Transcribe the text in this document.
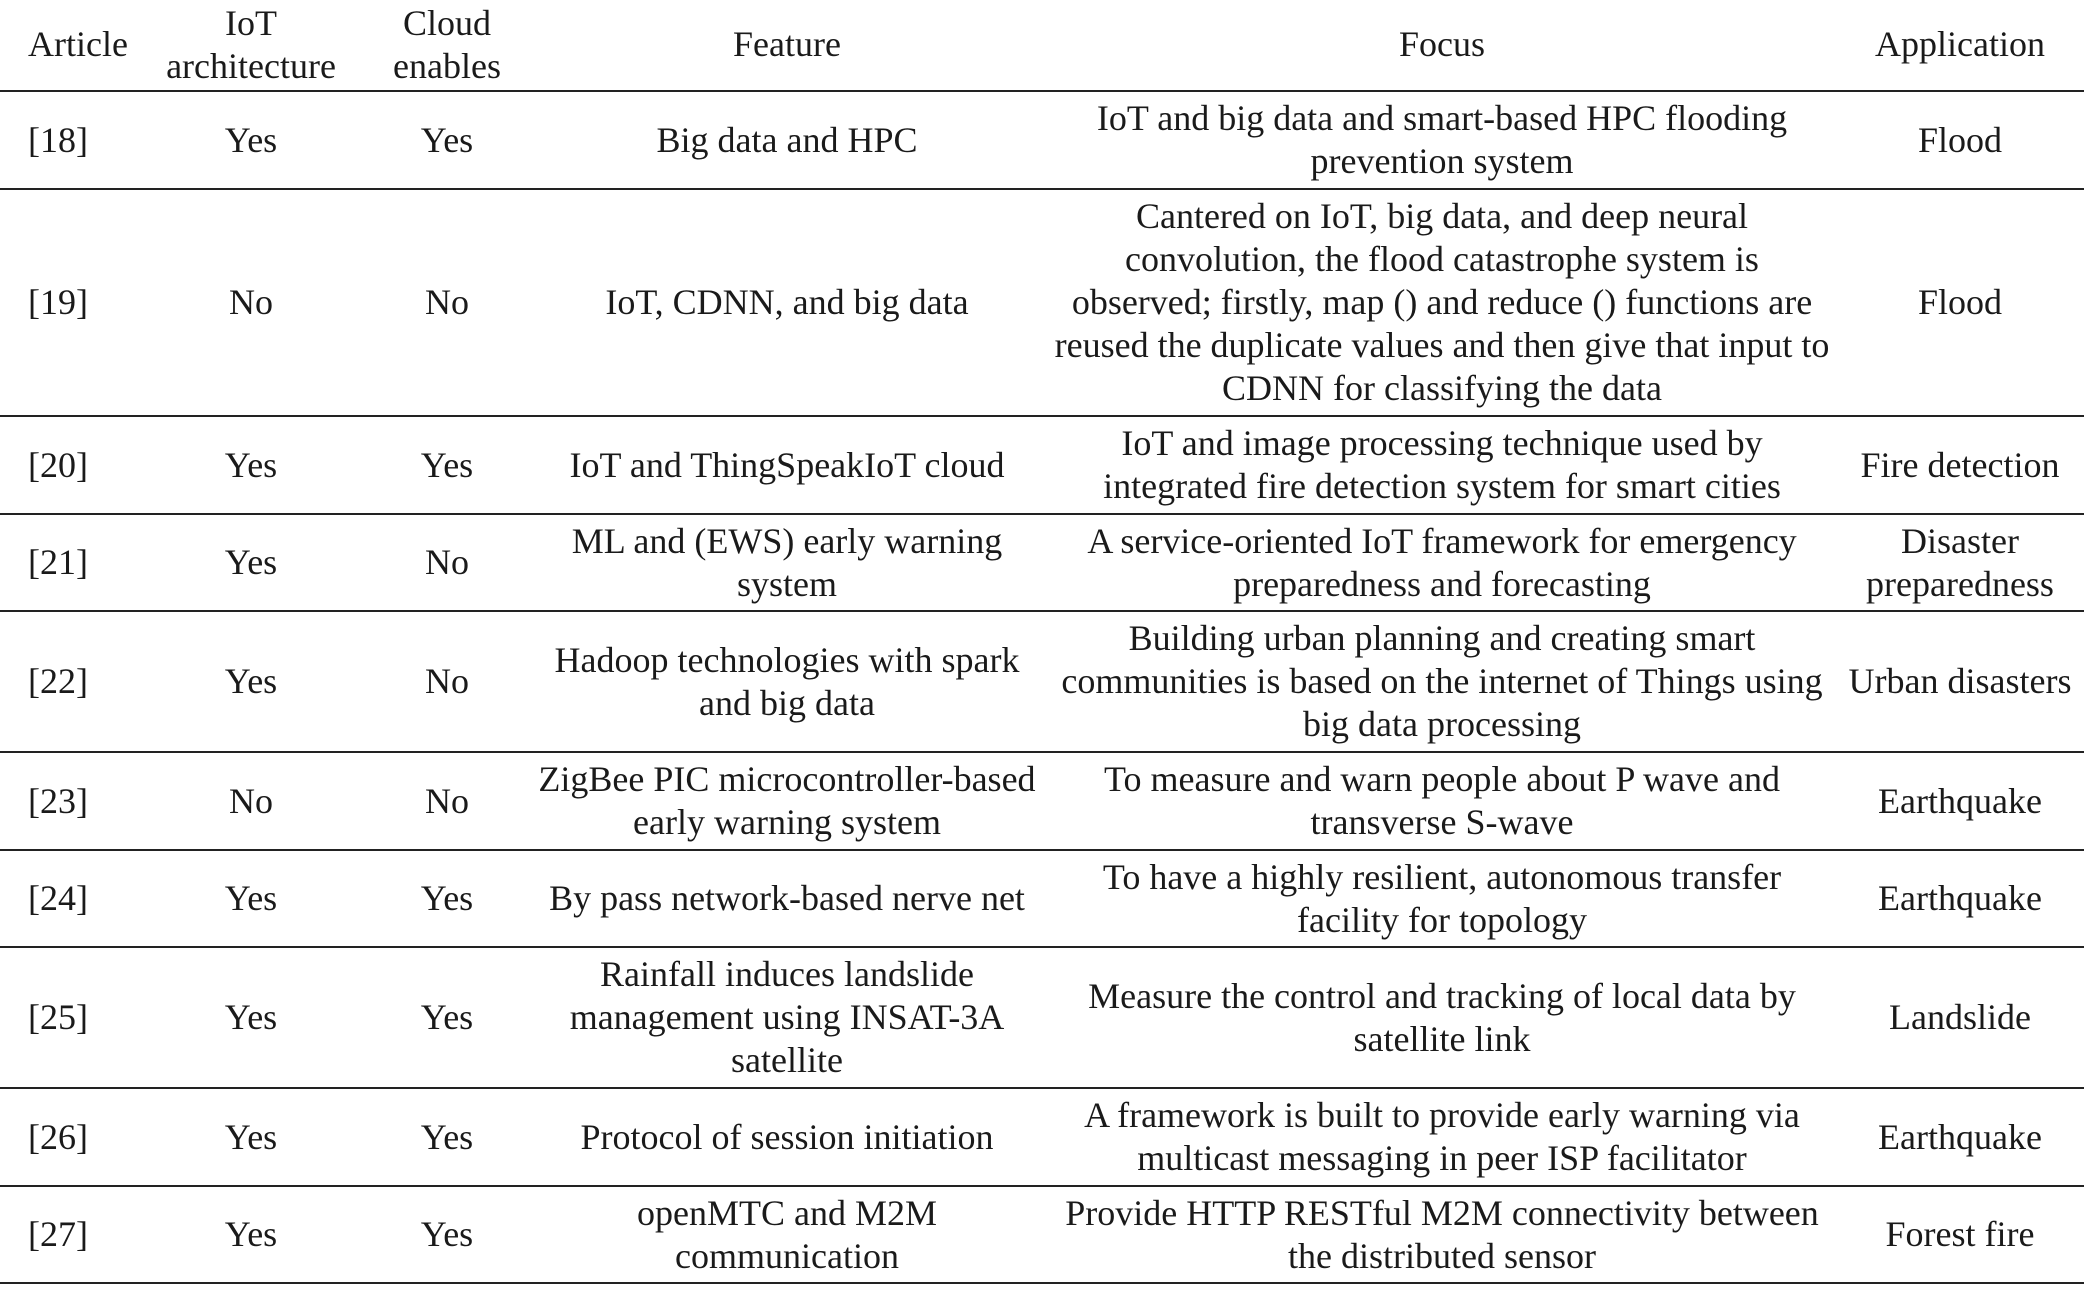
Article	IoT architecture	Cloud enables	Feature	Focus	Application
[18]	Yes	Yes	Big data and HPC	IoT and big data and smart-based HPC flooding prevention system	Flood
[19]	No	No	IoT, CDNN, and big data	Cantered on IoT, big data, and deep neural convolution, the flood catastrophe system is observed; firstly, map () and reduce () functions are reused the duplicate values and then give that input to CDNN for classifying the data	Flood
[20]	Yes	Yes	IoT and ThingSpeakIoT cloud	IoT and image processing technique used by integrated fire detection system for smart cities	Fire detection
[21]	Yes	No	ML and (EWS) early warning system	A service-oriented IoT framework for emergency preparedness and forecasting	Disaster preparedness
[22]	Yes	No	Hadoop technologies with spark and big data	Building urban planning and creating smart communities is based on the internet of Things using big data processing	Urban disasters
[23]	No	No	ZigBee PIC microcontroller-based early warning system	To measure and warn people about P wave and transverse S-wave	Earthquake
[24]	Yes	Yes	By pass network-based nerve net	To have a highly resilient, autonomous transfer facility for topology	Earthquake
[25]	Yes	Yes	Rainfall induces landslide management using INSAT-3A satellite	Measure the control and tracking of local data by satellite link	Landslide
[26]	Yes	Yes	Protocol of session initiation	A framework is built to provide early warning via multicast messaging in peer ISP facilitator	Earthquake
[27]	Yes	Yes	openMTC and M2M communication	Provide HTTP RESTful M2M connectivity between the distributed sensor	Forest fire
